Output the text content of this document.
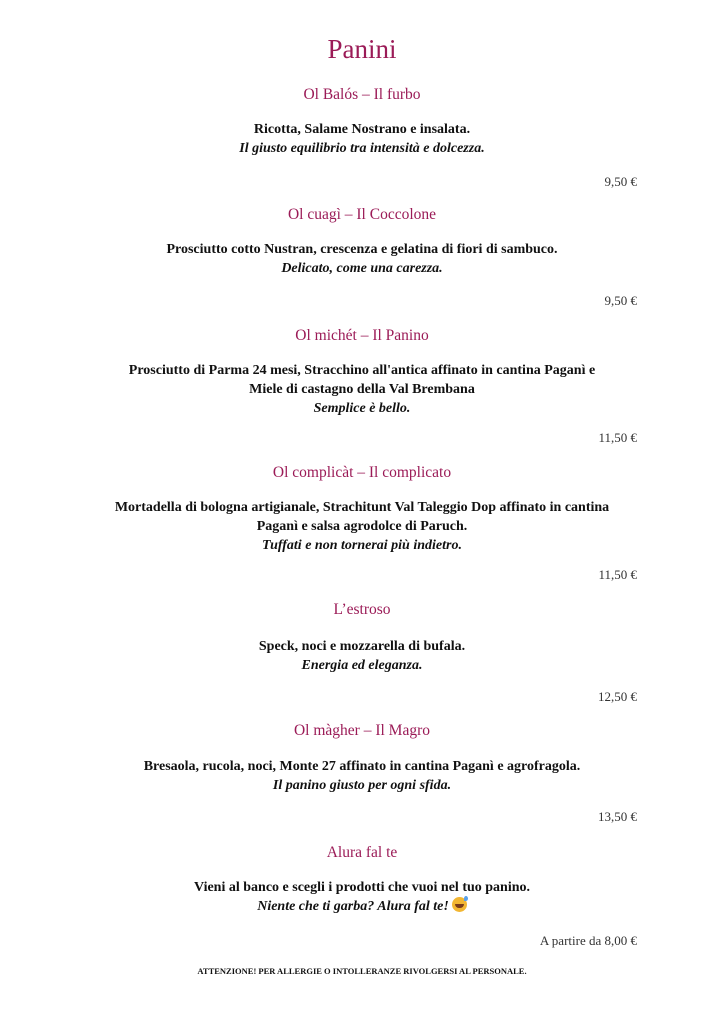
Panini
Ol Balós – Il furbo
Ricotta, Salame Nostrano e insalata.
Il giusto equilibrio tra intensità e dolcezza.
9,50 €
Ol cuagì – Il Coccolone
Prosciutto cotto Nustran, crescenza e gelatina di fiori di sambuco.
Delicato, come una carezza.
9,50 €
Ol michét – Il Panino
Prosciutto di Parma 24 mesi, Stracchino all'antica affinato in cantina Paganì e
Miele di castagno della Val Brembana
Semplice è bello.
11,50 €
Ol complicàt – Il complicato
Mortadella di bologna artigianale, Strachitunt Val Taleggio Dop affinato in cantina
Paganì e salsa agrodolce di Paruch.
Tuffati e non tornerai più indietro.
11,50 €
L’estroso
Speck, noci e mozzarella di bufala.
Energia ed eleganza.
12,50 €
Ol màgher – Il Magro
Bresaola, rucola, noci, Monte 27 affinato in cantina Paganì e agrofragola.
Il panino giusto per ogni sfida.
13,50 €
Alura fal te
Vieni al banco e scegli i prodotti che vuoi nel tuo panino.
Niente che ti garba? Alura fal te!
A partire da 8,00 €
ATTENZIONE! PER ALLERGIE O INTOLLERANZE RIVOLGERSI AL PERSONALE.
